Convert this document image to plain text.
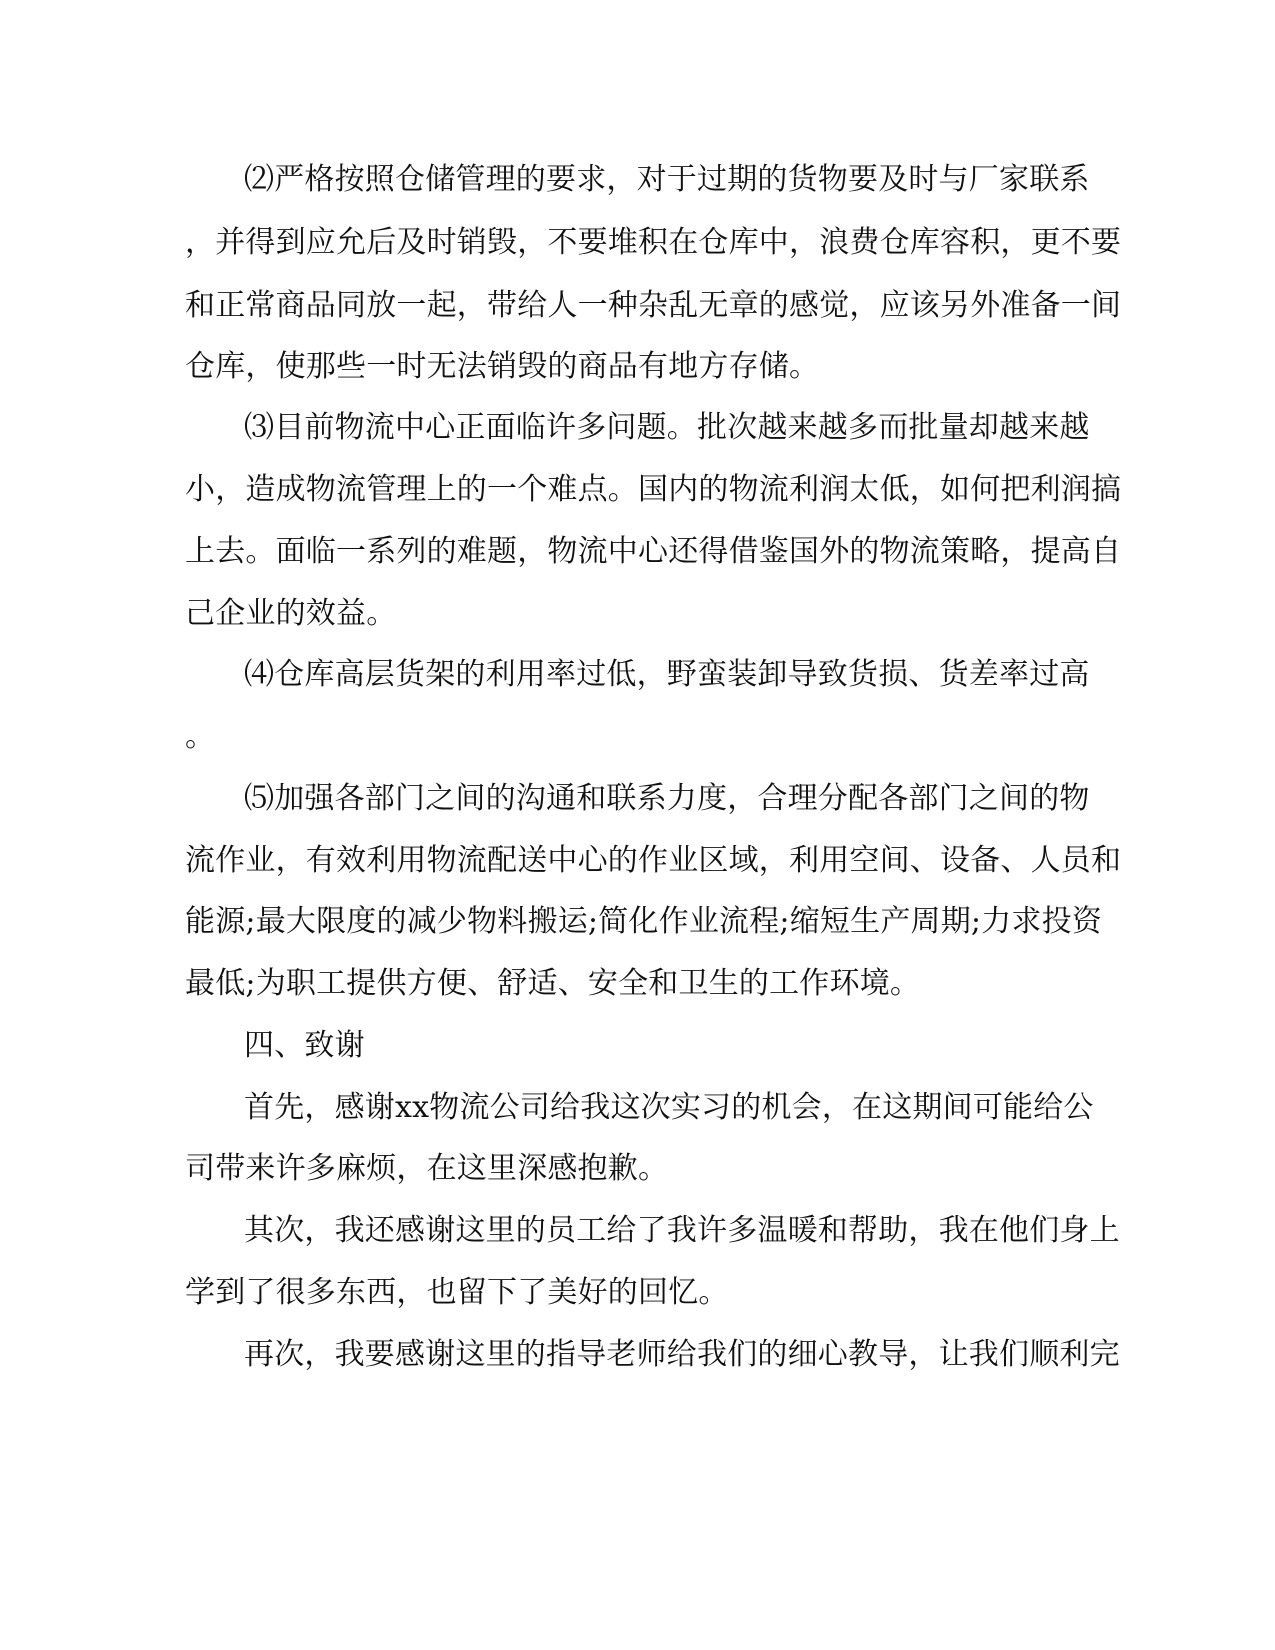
⑵严格按照仓储管理的要求，对于过期的货物要及时与厂家联系
，并得到应允后及时销毁，不要堆积在仓库中，浪费仓库容积，更不要
和正常商品同放一起，带给人一种杂乱无章的感觉，应该另外准备一间
仓库，使那些一时无法销毁的商品有地方存储。
⑶目前物流中心正面临许多问题。批次越来越多而批量却越来越
小，造成物流管理上的一个难点。国内的物流利润太低，如何把利润搞
上去。面临一系列的难题，物流中心还得借鉴国外的物流策略，提高自
己企业的效益。
⑷仓库高层货架的利用率过低，野蛮装卸导致货损、货差率过高
。
⑸加强各部门之间的沟通和联系力度，合理分配各部门之间的物
流作业，有效利用物流配送中心的作业区域，利用空间、设备、人员和
能源;最大限度的减少物料搬运;简化作业流程;缩短生产周期;力求投资
最低;为职工提供方便、舒适、安全和卫生的工作环境。
四、致谢
首先，感谢xx物流公司给我这次实习的机会，在这期间可能给公
司带来许多麻烦，在这里深感抱歉。
其次，我还感谢这里的员工给了我许多温暖和帮助，我在他们身上
学到了很多东西，也留下了美好的回忆。
再次，我要感谢这里的指导老师给我们的细心教导，让我们顺利完
